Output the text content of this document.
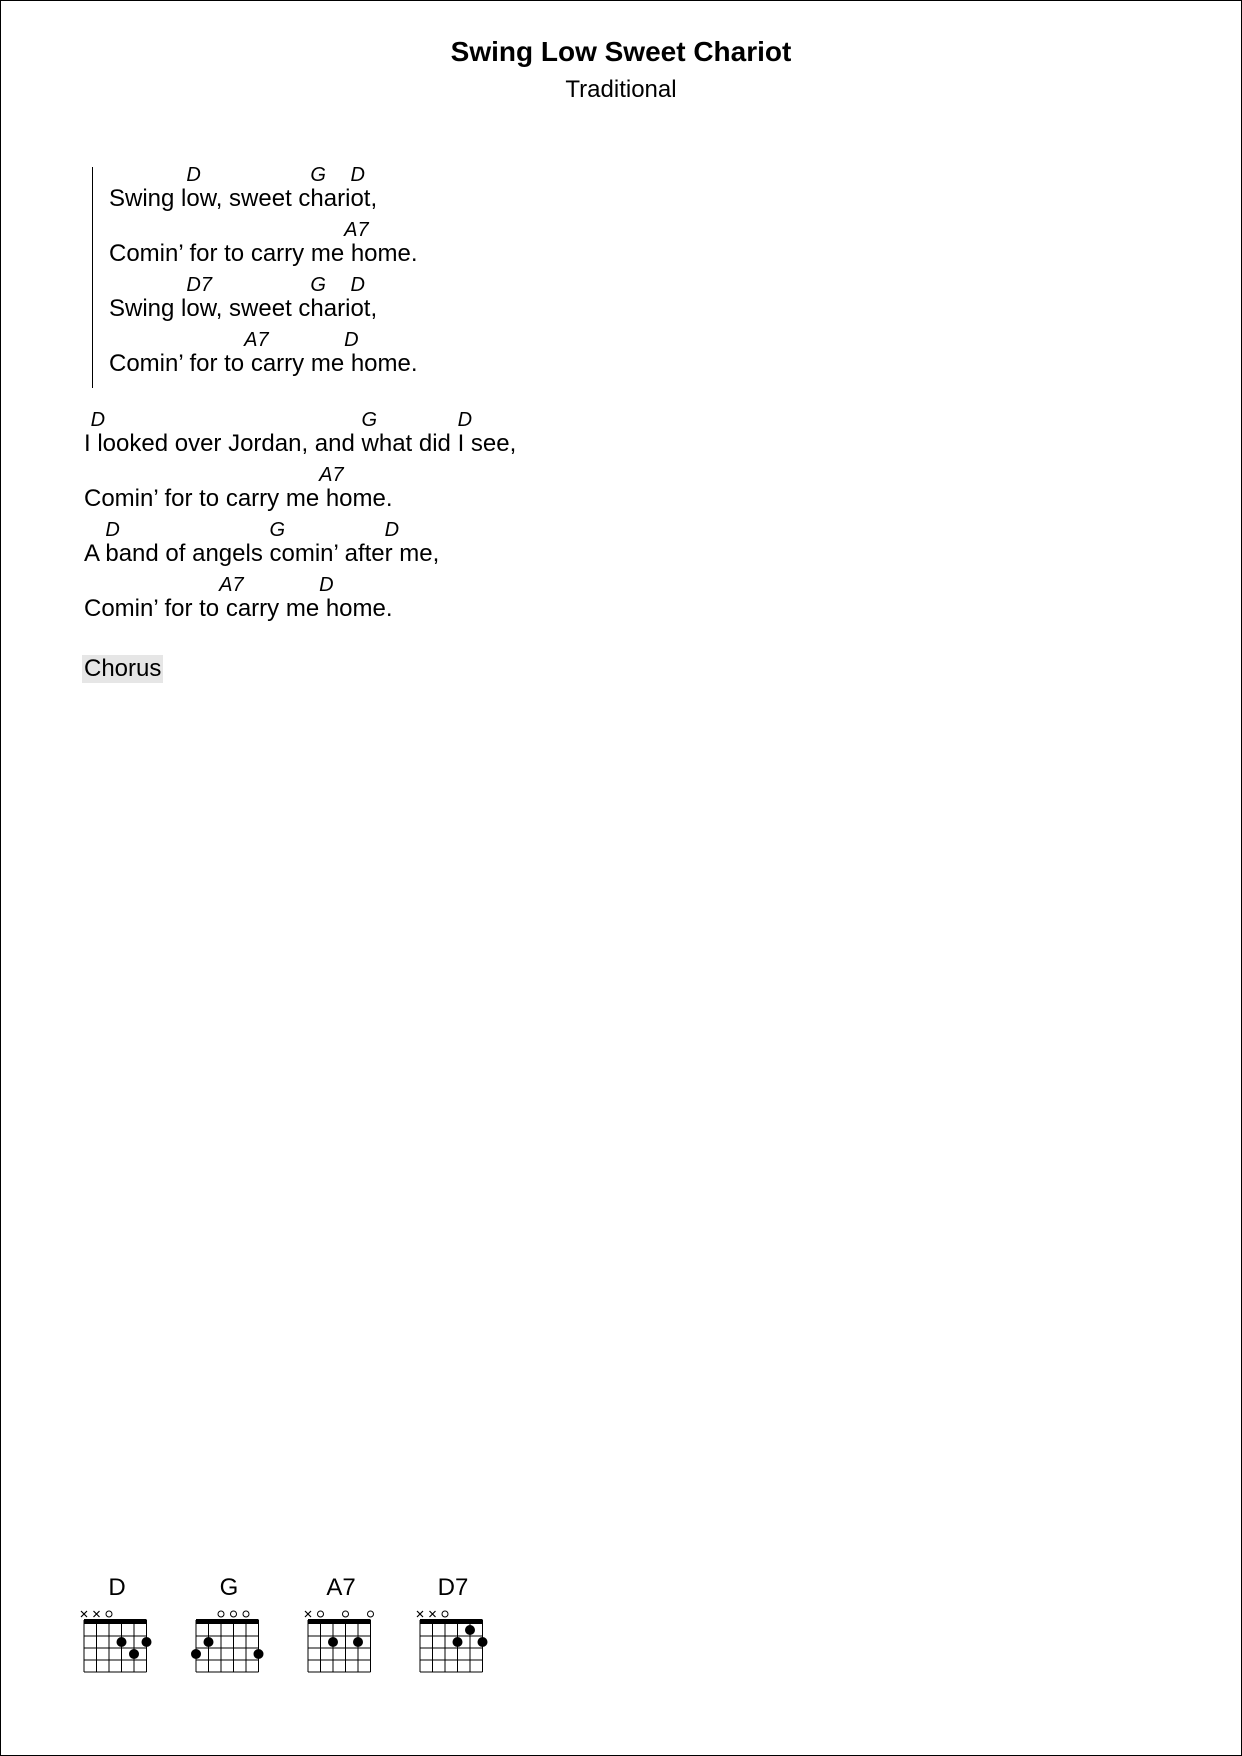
Swing Low Sweet Chariot
Traditional
D	G D
Swing low, sweet chariot,
A7
Comin’ for to carry me home.
D7	G D
Swing low, sweet chariot,
A7	D
Comin’ for to carry me home.
D	G	D
I looked over Jordan, and what did I see,
A7
Comin’ for to carry me home.
D	G	D
A band of angels comin’ after me,
A7	D
Comin’ for to carry me home.
Chorus
D	G	A7	D7
